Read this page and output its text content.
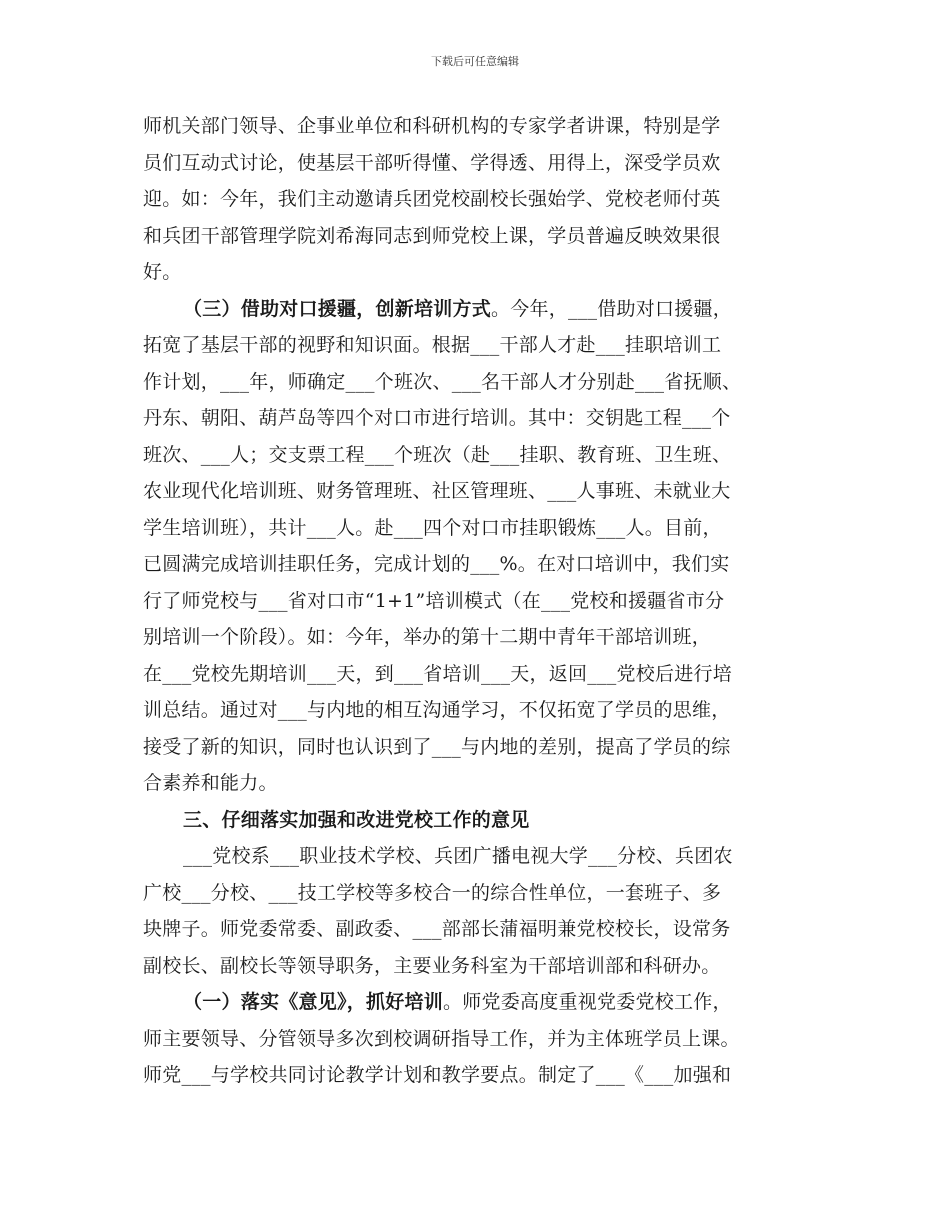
下载后可任意编辑
师机关部门领导、企事业单位和科研机构的专家学者讲课，特别是学
员们互动式讨论，使基层干部听得懂、学得透、用得上，深受学员欢
迎。如：今年，我们主动邀请兵团党校副校长强始学、党校老师付英
和兵团干部管理学院刘希海同志到师党校上课，学员普遍反映效果很
好。
（三）借助对口援疆，创新培训方式。今年，___借助对口援疆，
拓宽了基层干部的视野和知识面。根据___干部人才赴___挂职培训工
作计划，___年，师确定___个班次、___名干部人才分别赴___省抚顺、
丹东、朝阳、葫芦岛等四个对口市进行培训。其中：交钥匙工程___个
班次、___人；交支票工程___个班次（赴___挂职、教育班、卫生班、
农业现代化培训班、财务管理班、社区管理班、___人事班、未就业大
学生培训班），共计___人。赴___四个对口市挂职锻炼___人。目前，
已圆满完成培训挂职任务，完成计划的___%。在对口培训中，我们实
行了师党校与___省对口市“1+1”培训模式（在___党校和援疆省市分
别培训一个阶段）。如：今年，举办的第十二期中青年干部培训班，
在___党校先期培训___天，到___省培训___天，返回___党校后进行培
训总结。通过对___与内地的相互沟通学习，不仅拓宽了学员的思维，
接受了新的知识，同时也认识到了___与内地的差别，提高了学员的综
合素养和能力。
三、仔细落实加强和改进党校工作的意见
___党校系___职业技术学校、兵团广播电视大学___分校、兵团农
广校___分校、___技工学校等多校合一的综合性单位，一套班子、多
块牌子。师党委常委、副政委、___部部长蒲福明兼党校校长，设常务
副校长、副校长等领导职务，主要业务科室为干部培训部和科研办。
（一）落实《意见》，抓好培训。师党委高度重视党委党校工作，
师主要领导、分管领导多次到校调研指导工作，并为主体班学员上课。
师党___与学校共同讨论教学计划和教学要点。制定了___《___加强和
